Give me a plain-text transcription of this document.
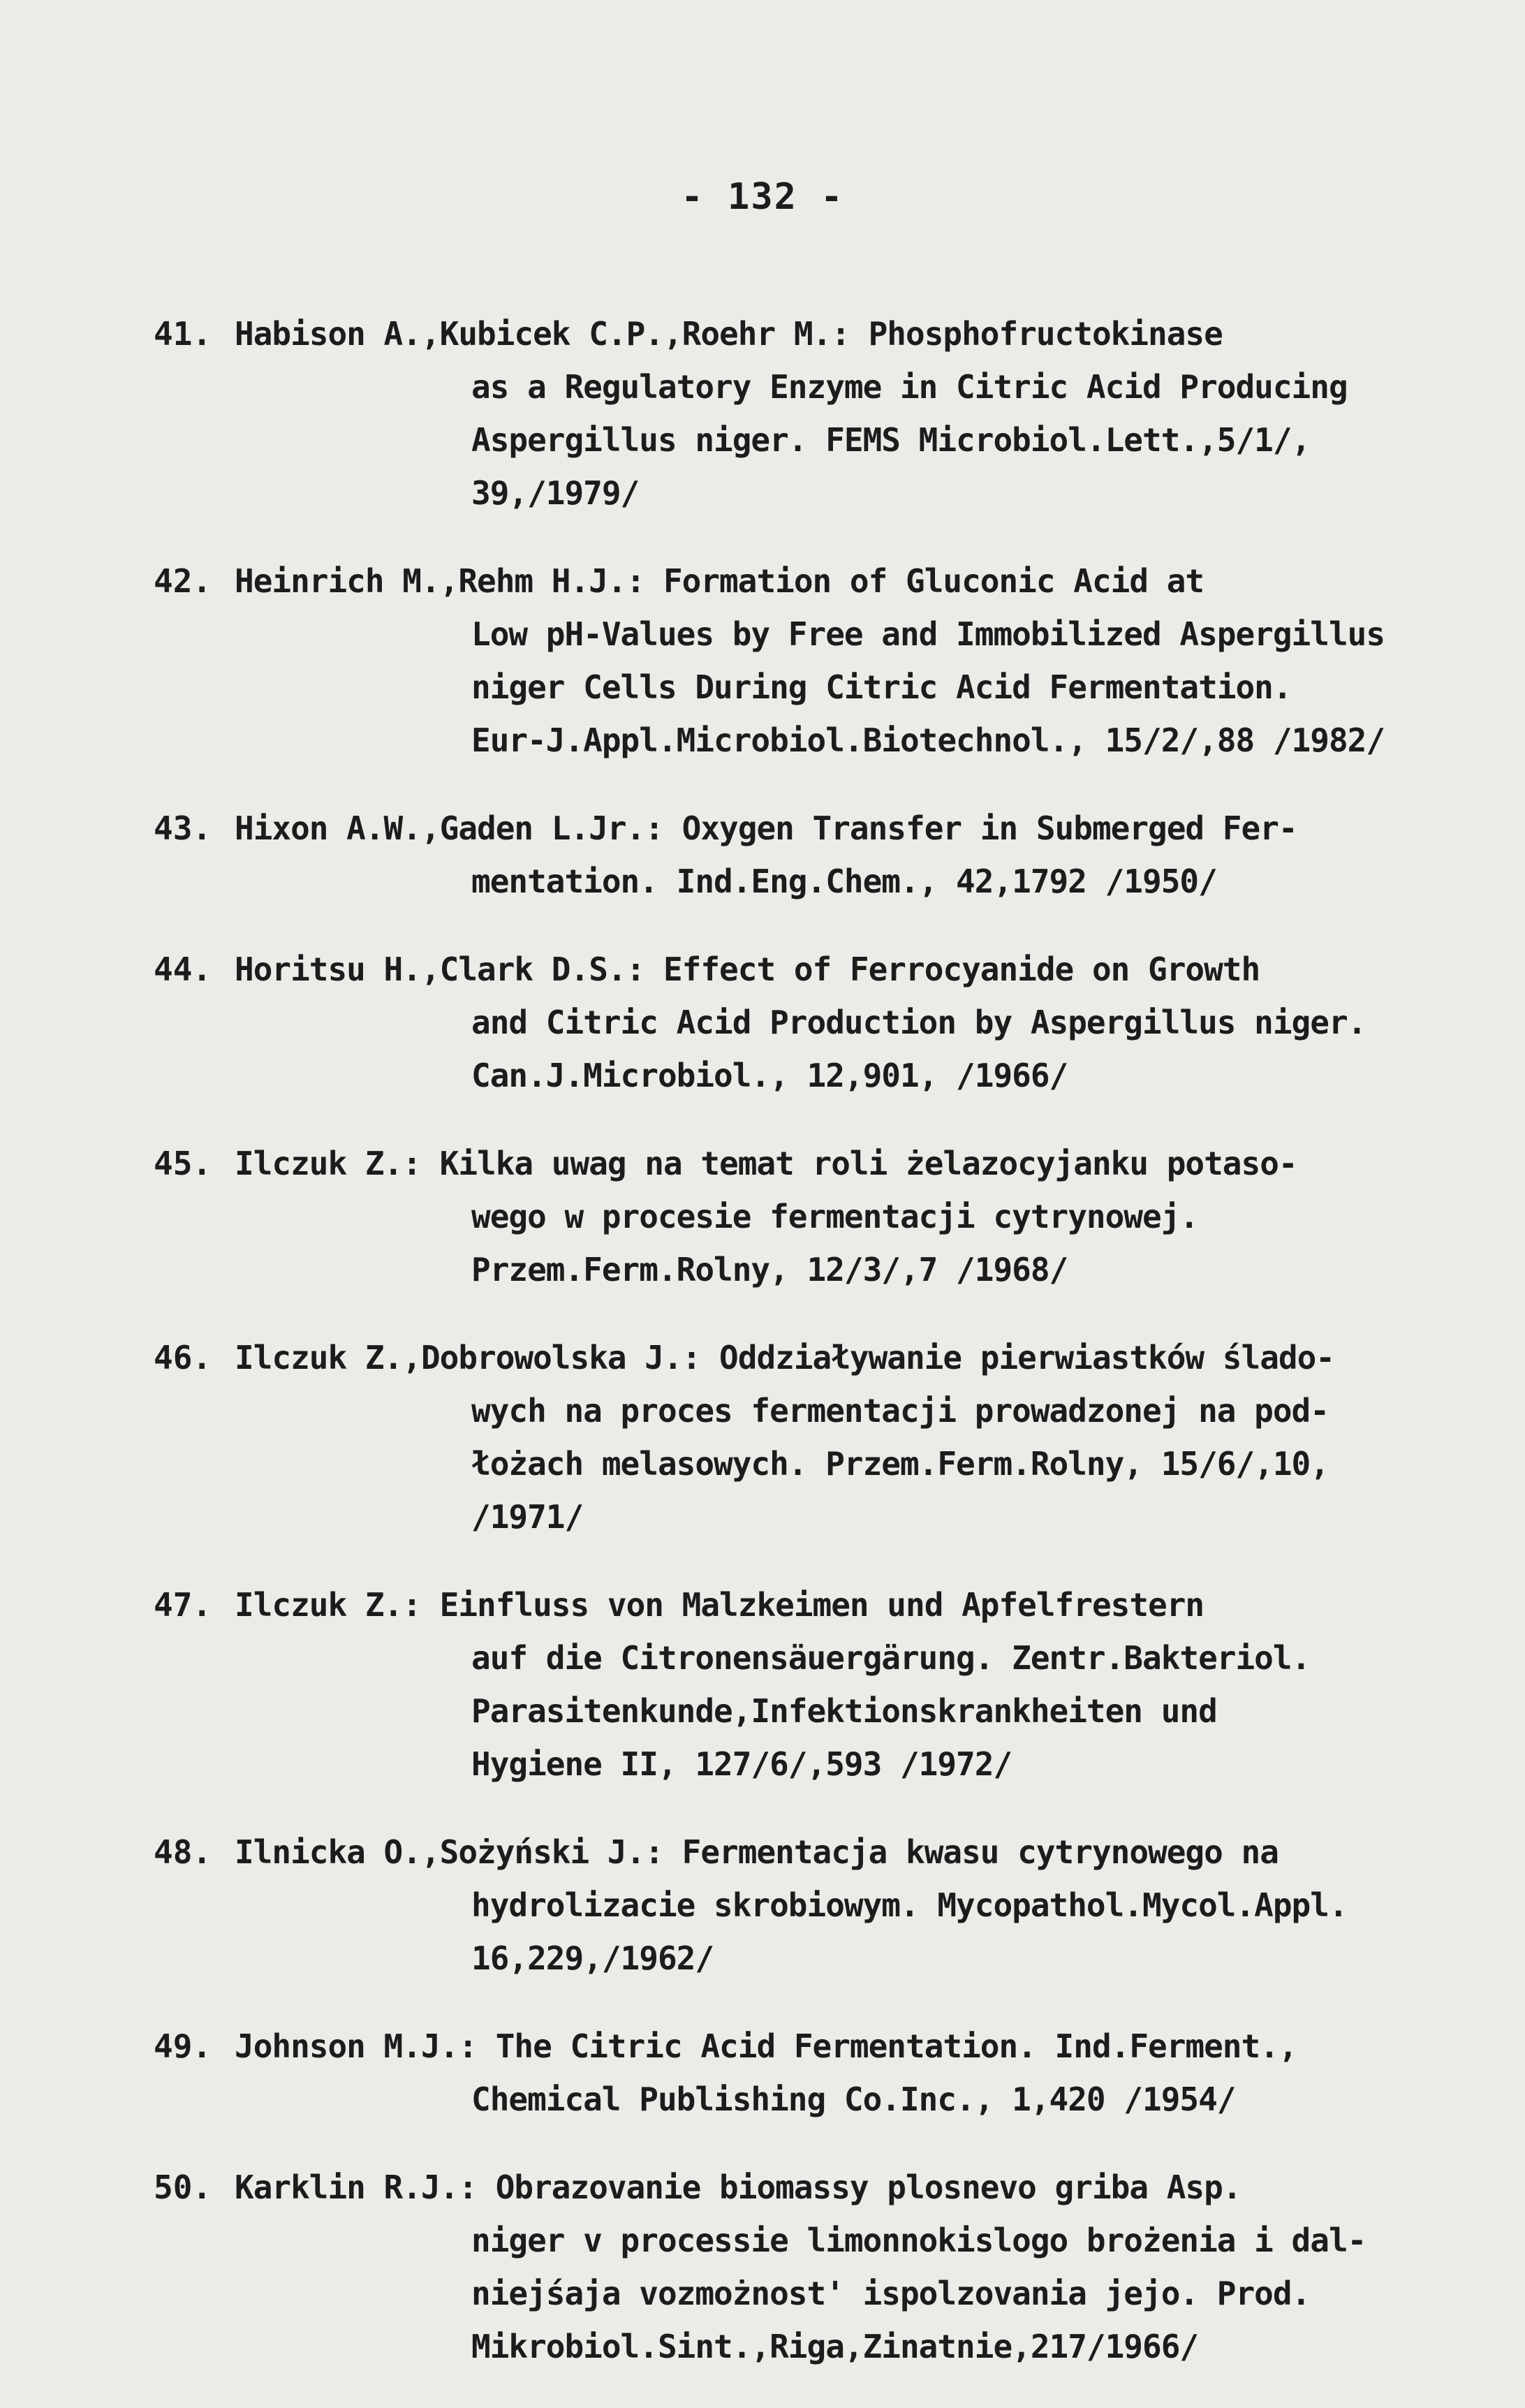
- 132 -
41. Habison A.,Kubicek C.P.,Roehr M.: Phosphofructokinase
as a Regulatory Enzyme in Citric Acid Producing
Aspergillus niger. FEMS Microbiol.Lett.,5/1/,
39,/1979/
42. Heinrich M.,Rehm H.J.: Formation of Gluconic Acid at
Low pH-Values by Free and Immobilized Aspergillus
niger Cells During Citric Acid Fermentation.
Eur-J.Appl.Microbiol.Biotechnol., 15/2/,88 /1982/
43. Hixon A.W.,Gaden L.Jr.: Oxygen Transfer in Submerged Fer-
mentation. Ind.Eng.Chem., 42,1792 /1950/
44. Horitsu H.,Clark D.S.: Effect of Ferrocyanide on Growth
and Citric Acid Production by Aspergillus niger.
Can.J.Microbiol., 12,901, /1966/
45. Ilczuk Z.: Kilka uwag na temat roli żelazocyjanku potaso-
wego w procesie fermentacji cytrynowej.
Przem.Ferm.Rolny, 12/3/,7 /1968/
46. Ilczuk Z.,Dobrowolska J.: Oddziaływanie pierwiastków ślado-
wych na proces fermentacji prowadzonej na pod-
łożach melasowych. Przem.Ferm.Rolny, 15/6/,10,
/1971/
47. Ilczuk Z.: Einfluss von Malzkeimen und Apfelfrestern
auf die Citronensäuergärung. Zentr.Bakteriol.
Parasitenkunde,Infektionskrankheiten und
Hygiene II, 127/6/,593 /1972/
48. Ilnicka O.,Sożyński J.: Fermentacja kwasu cytrynowego na
hydrolizacie skrobiowym. Mycopathol.Mycol.Appl.
16,229,/1962/
49. Johnson M.J.: The Citric Acid Fermentation. Ind.Ferment.,
Chemical Publishing Co.Inc., 1,420 /1954/
50. Karklin R.J.: Obrazovanie biomassy plosnevo griba Asp.
niger v processie limonnokislogo brożenia i dal-
niejśaja vozmożnost' ispolzovania jejo. Prod.
Mikrobiol.Sint.,Riga,Zinatnie,217/1966/
